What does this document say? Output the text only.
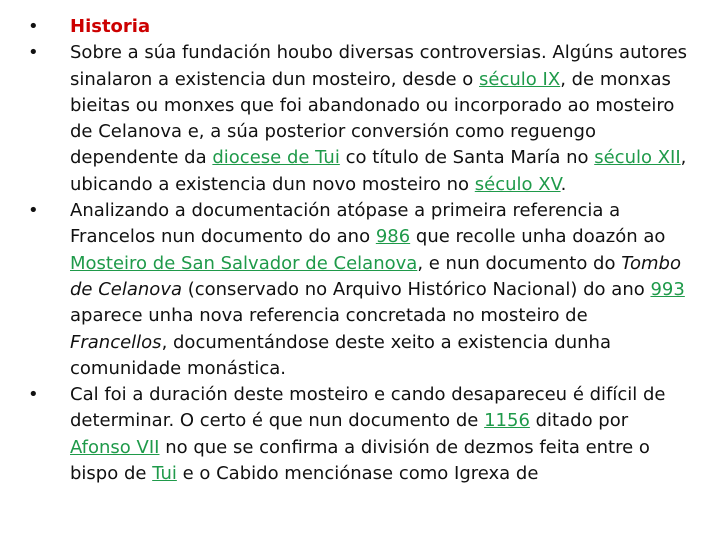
• Historia
• Sobre a súa fundación houbo diversas controversias. Algúns autores sinalaron a existencia dun mosteiro, desde o século IX, de monxas bieitas ou monxes que foi abandonado ou incorporado ao mosteiro de Celanova e, a súa posterior conversión como reguengo dependente da diocese de Tui co título de Santa María no século XII, ubicando a existencia dun novo mosteiro no século XV.
• Analizando a documentación atópase a primeira referencia a Francelos nun documento do ano 986 que recolle unha doazón ao Mosteiro de San Salvador de Celanova, e nun documento do Tombo de Celanova (conservado no Arquivo Histórico Nacional) do ano 993 aparece unha nova referencia concretada no mosteiro de Francellos, documentándose deste xeito a existencia dunha comunidade monástica.
• Cal foi a duración deste mosteiro e cando desapareceu é difícil de determinar. O certo é que nun documento de 1156 ditado por Afonso VII no que se confirma a división de dezmos feita entre o bispo de Tui e o Cabido menciónase como Igrexa de
